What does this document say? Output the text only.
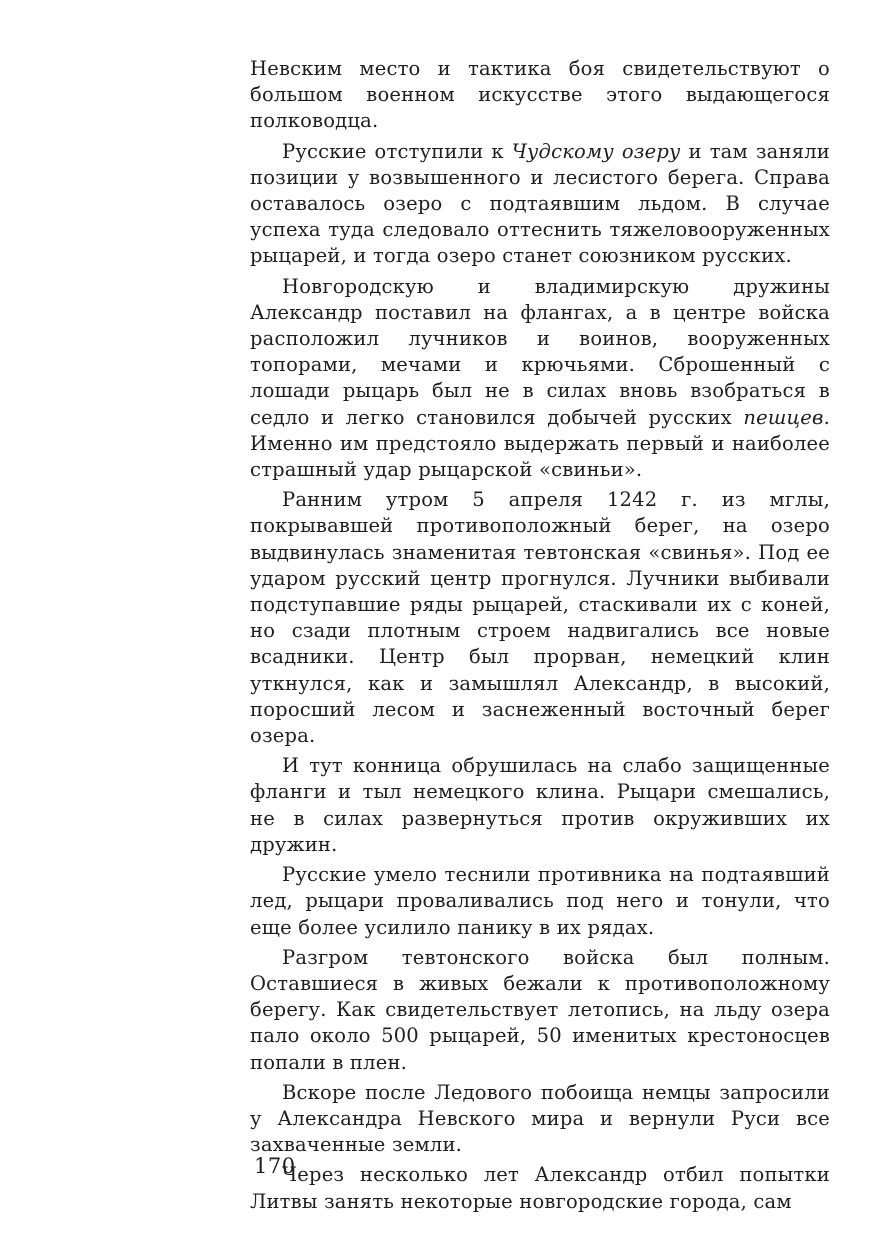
Невским место и тактика боя свидетельствуют о большом военном искусстве этого выдающегося полководца.

Русские отступили к Чудскому озеру и там заняли позиции у возвышенного и лесистого берега. Справа оставалось озеро с подтаявшим льдом. В случае успеха туда следовало оттеснить тяжеловооруженных рыцарей, и тогда озеро станет союзником русских.

Новгородскую и владимирскую дружины Александр поставил на флангах, а в центре войска расположил лучников и воинов, вооруженных топорами, мечами и крючьями. Сброшенный с лошади рыцарь был не в силах вновь взобраться в седло и легко становился добычей русских пешцев. Именно им предстояло выдержать первый и наиболее страшный удар рыцарской «свиньи».

Ранним утром 5 апреля 1242 г. из мглы, покрывавшей противоположный берег, на озеро выдвинулась знаменитая тевтонская «свинья». Под ее ударом русский центр прогнулся. Лучники выбивали подступавшие ряды рыцарей, стаскивали их с коней, но сзади плотным строем надвигались все новые всадники. Центр был прорван, немецкий клин уткнулся, как и замышлял Александр, в высокий, поросший лесом и заснеженный восточный берег озера.

И тут конница обрушилась на слабо защищенные фланги и тыл немецкого клина. Рыцари смешались, не в силах развернуться против окруживших их дружин.

Русские умело теснили противника на подтаявший лед, рыцари проваливались под него и тонули, что еще более усилило панику в их рядах.

Разгром тевтонского войска был полным. Оставшиеся в живых бежали к противоположному берегу. Как свидетельствует летопись, на льду озера пало около 500 рыцарей, 50 именитых крестоносцев попали в плен.

Вскоре после Ледового побоища немцы запросили у Александра Невского мира и вернули Руси все захваченные земли.

Через несколько лет Александр отбил попытки Литвы занять некоторые новгородские города, сам

170
